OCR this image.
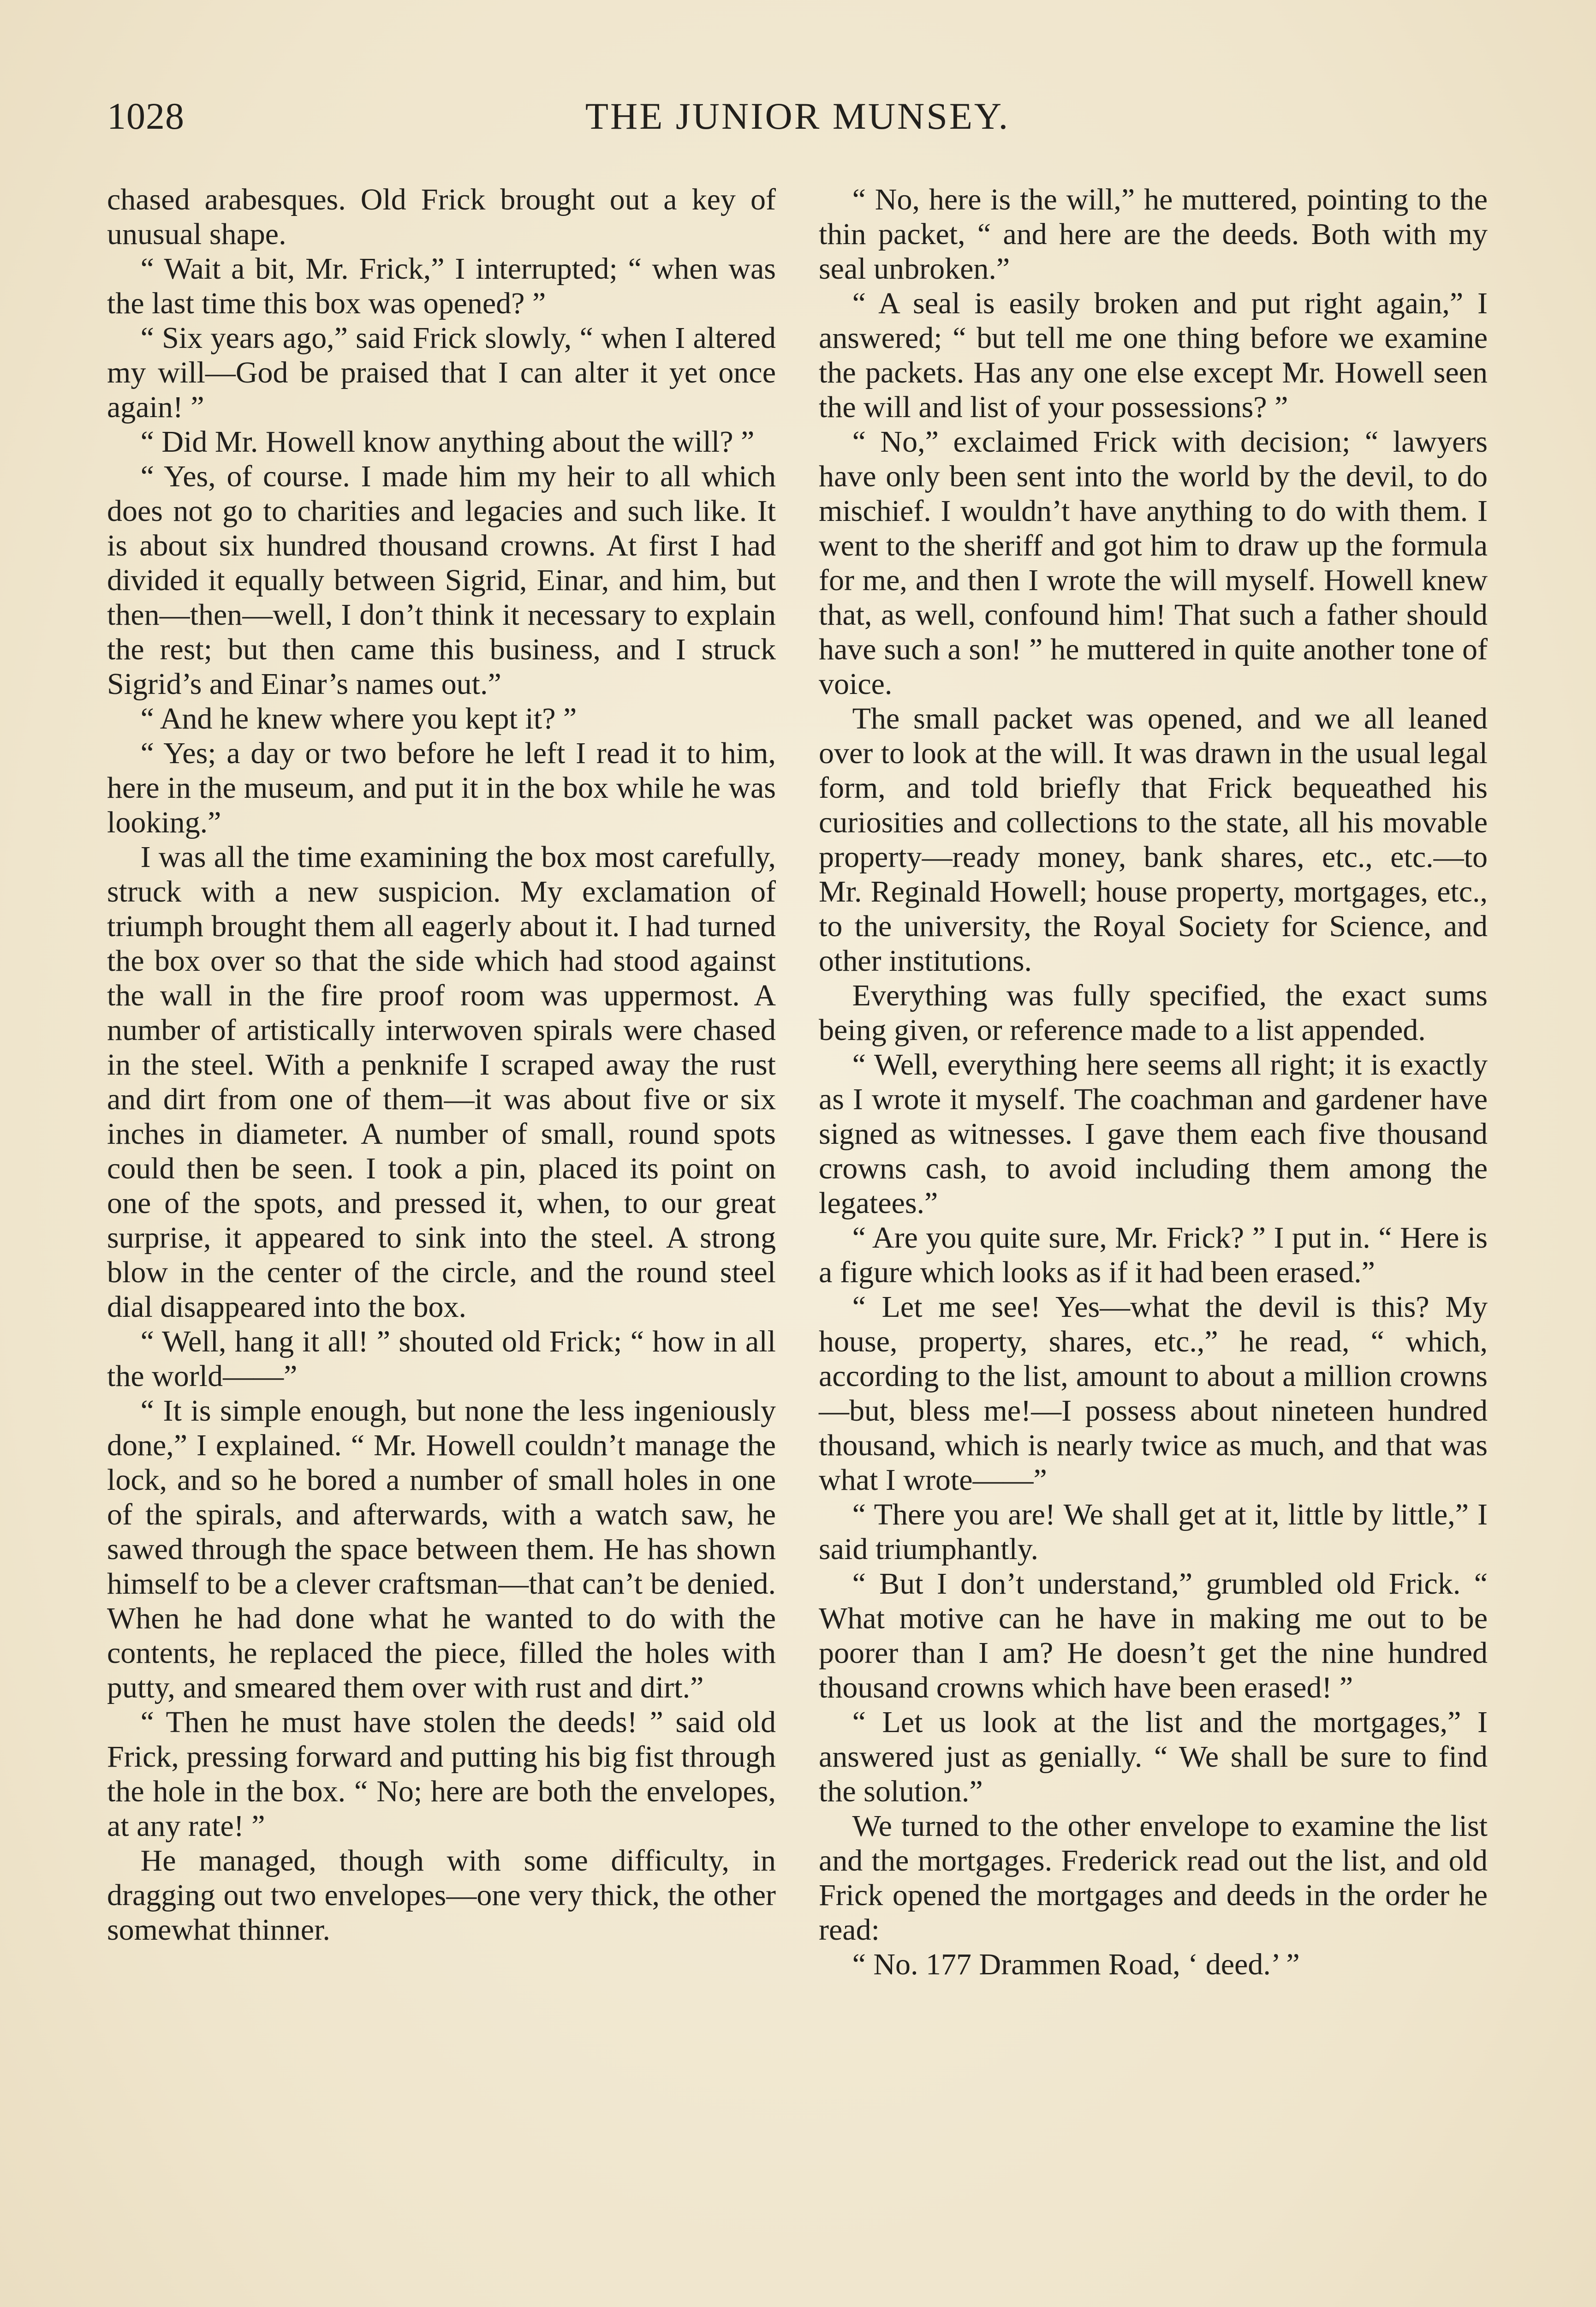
1028	THE JUNIOR MUNSEY.

chased arabesques. Old Frick brought out a key of unusual shape.

“ Wait a bit, Mr. Frick,” I interrupted; “ when was the last time this box was opened? ”

“ Six years ago,” said Frick slowly, “ when I altered my will—God be praised that I can alter it yet once again! ”

“ Did Mr. Howell know anything about the will? ”

“ Yes, of course. I made him my heir to all which does not go to charities and legacies and such like. It is about six hundred thousand crowns. At first I had divided it equally between Sigrid, Einar, and him, but then—then—well, I don’t think it necessary to explain the rest; but then came this business, and I struck Sigrid’s and Einar’s names out.”

“ And he knew where you kept it? ”

“ Yes; a day or two before he left I read it to him, here in the museum, and put it in the box while he was looking.”

I was all the time examining the box most carefully, struck with a new suspicion. My exclamation of triumph brought them all eagerly about it. I had turned the box over so that the side which had stood against the wall in the fire proof room was uppermost. A number of artistically interwoven spirals were chased in the steel. With a penknife I scraped away the rust and dirt from one of them—it was about five or six inches in diameter. A number of small, round spots could then be seen. I took a pin, placed its point on one of the spots, and pressed it, when, to our great surprise, it appeared to sink into the steel. A strong blow in the center of the circle, and the round steel dial disappeared into the box.

“ Well, hang it all! ” shouted old Frick; “ how in all the world——”

“ It is simple enough, but none the less ingeniously done,” I explained. “ Mr. Howell couldn’t manage the lock, and so he bored a number of small holes in one of the spirals, and afterwards, with a watch saw, he sawed through the space between them. He has shown himself to be a clever craftsman—that can’t be denied. When he had done what he wanted to do with the contents, he replaced the piece, filled the holes with putty, and smeared them over with rust and dirt.”

“ Then he must have stolen the deeds! ” said old Frick, pressing forward and putting his big fist through the hole in the box. “ No; here are both the envelopes, at any rate! ”

He managed, though with some difficulty, in dragging out two envelopes—one very thick, the other somewhat thinner.

“ No, here is the will,” he muttered, pointing to the thin packet, “ and here are the deeds. Both with my seal unbroken.”

“ A seal is easily broken and put right again,” I answered; “ but tell me one thing before we examine the packets. Has any one else except Mr. Howell seen the will and list of your possessions? ”

“ No,” exclaimed Frick with decision; “ lawyers have only been sent into the world by the devil, to do mischief. I wouldn’t have anything to do with them. I went to the sheriff and got him to draw up the formula for me, and then I wrote the will myself. Howell knew that, as well, confound him! That such a father should have such a son! ” he muttered in quite another tone of voice.

The small packet was opened, and we all leaned over to look at the will. It was drawn in the usual legal form, and told briefly that Frick bequeathed his curiosities and collections to the state, all his movable property—ready money, bank shares, etc., etc.—to Mr. Reginald Howell; house property, mortgages, etc., to the university, the Royal Society for Science, and other institutions.

Everything was fully specified, the exact sums being given, or reference made to a list appended.

“ Well, everything here seems all right; it is exactly as I wrote it myself. The coachman and gardener have signed as witnesses. I gave them each five thousand crowns cash, to avoid including them among the legatees.”

“ Are you quite sure, Mr. Frick? ” I put in. “ Here is a figure which looks as if it had been erased.”

“ Let me see! Yes—what the devil is this? My house, property, shares, etc.,” he read, “ which, according to the list, amount to about a million crowns—but, bless me!—I possess about nineteen hundred thousand, which is nearly twice as much, and that was what I wrote——”

“ There you are! We shall get at it, little by little,” I said triumphantly.

“ But I don’t understand,” grumbled old Frick. “ What motive can he have in making me out to be poorer than I am? He doesn’t get the nine hundred thousand crowns which have been erased! ”

“ Let us look at the list and the mortgages,” I answered just as genially. “ We shall be sure to find the solution.”

We turned to the other envelope to examine the list and the mortgages. Frederick read out the list, and old Frick opened the mortgages and deeds in the order he read:

“ No. 177 Drammen Road, ‘ deed.’ ”
